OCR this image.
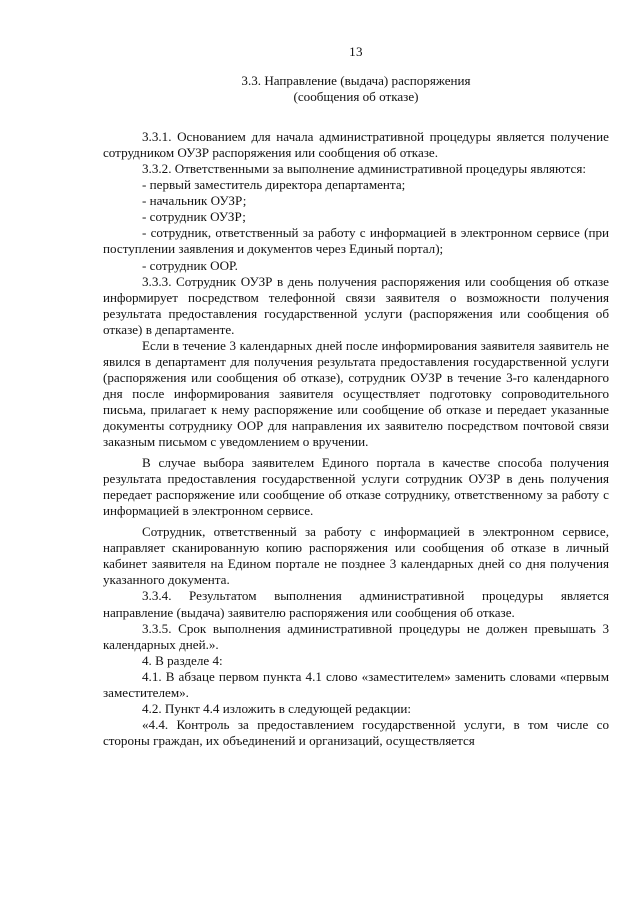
13
3.3. Направление (выдача) распоряжения
(сообщения об отказе)

3.3.1. Основанием для начала административной процедуры является получение сотрудником ОУЗР распоряжения или сообщения об отказе.

3.3.2. Ответственными за выполнение административной процедуры являются:

- первый заместитель директора департамента;

- начальник ОУЗР;

- сотрудник ОУЗР;

- сотрудник, ответственный за работу с информацией в электронном сервисе (при поступлении заявления и документов через Единый портал);

- сотрудник ООР.

3.3.3. Сотрудник ОУЗР в день получения распоряжения или сообщения об отказе информирует посредством телефонной связи заявителя о возможности получения результата предоставления государственной услуги (распоряжения или сообщения об отказе) в департаменте.

Если в течение 3 календарных дней после информирования заявителя заявитель не явился в департамент для получения результата предоставления государственной услуги (распоряжения или сообщения об отказе), сотрудник ОУЗР в течение 3-го календарного дня после информирования заявителя осуществляет подготовку сопроводительного письма, прилагает к нему распоряжение или сообщение об отказе и передает указанные документы сотруднику ООР для направления их заявителю посредством почтовой связи заказным письмом с уведомлением о вручении.

В случае выбора заявителем Единого портала в качестве способа получения результата предоставления государственной услуги сотрудник ОУЗР в день получения передает распоряжение или сообщение об отказе сотруднику, ответственному за работу с информацией в электронном сервисе.

Сотрудник, ответственный за работу с информацией в электронном сервисе, направляет сканированную копию распоряжения или сообщения об отказе в личный кабинет заявителя на Едином портале не позднее 3 календарных дней со дня получения указанного документа.

3.3.4. Результатом выполнения административной процедуры является направление (выдача) заявителю распоряжения или сообщения об отказе.

3.3.5. Срок выполнения административной процедуры не должен превышать 3 календарных дней.».

4. В разделе 4:

4.1. В абзаце первом пункта 4.1 слово «заместителем» заменить словами «первым заместителем».

4.2. Пункт 4.4 изложить в следующей редакции:

«4.4. Контроль за предоставлением государственной услуги, в том числе со стороны граждан, их объединений и организаций, осуществляется
